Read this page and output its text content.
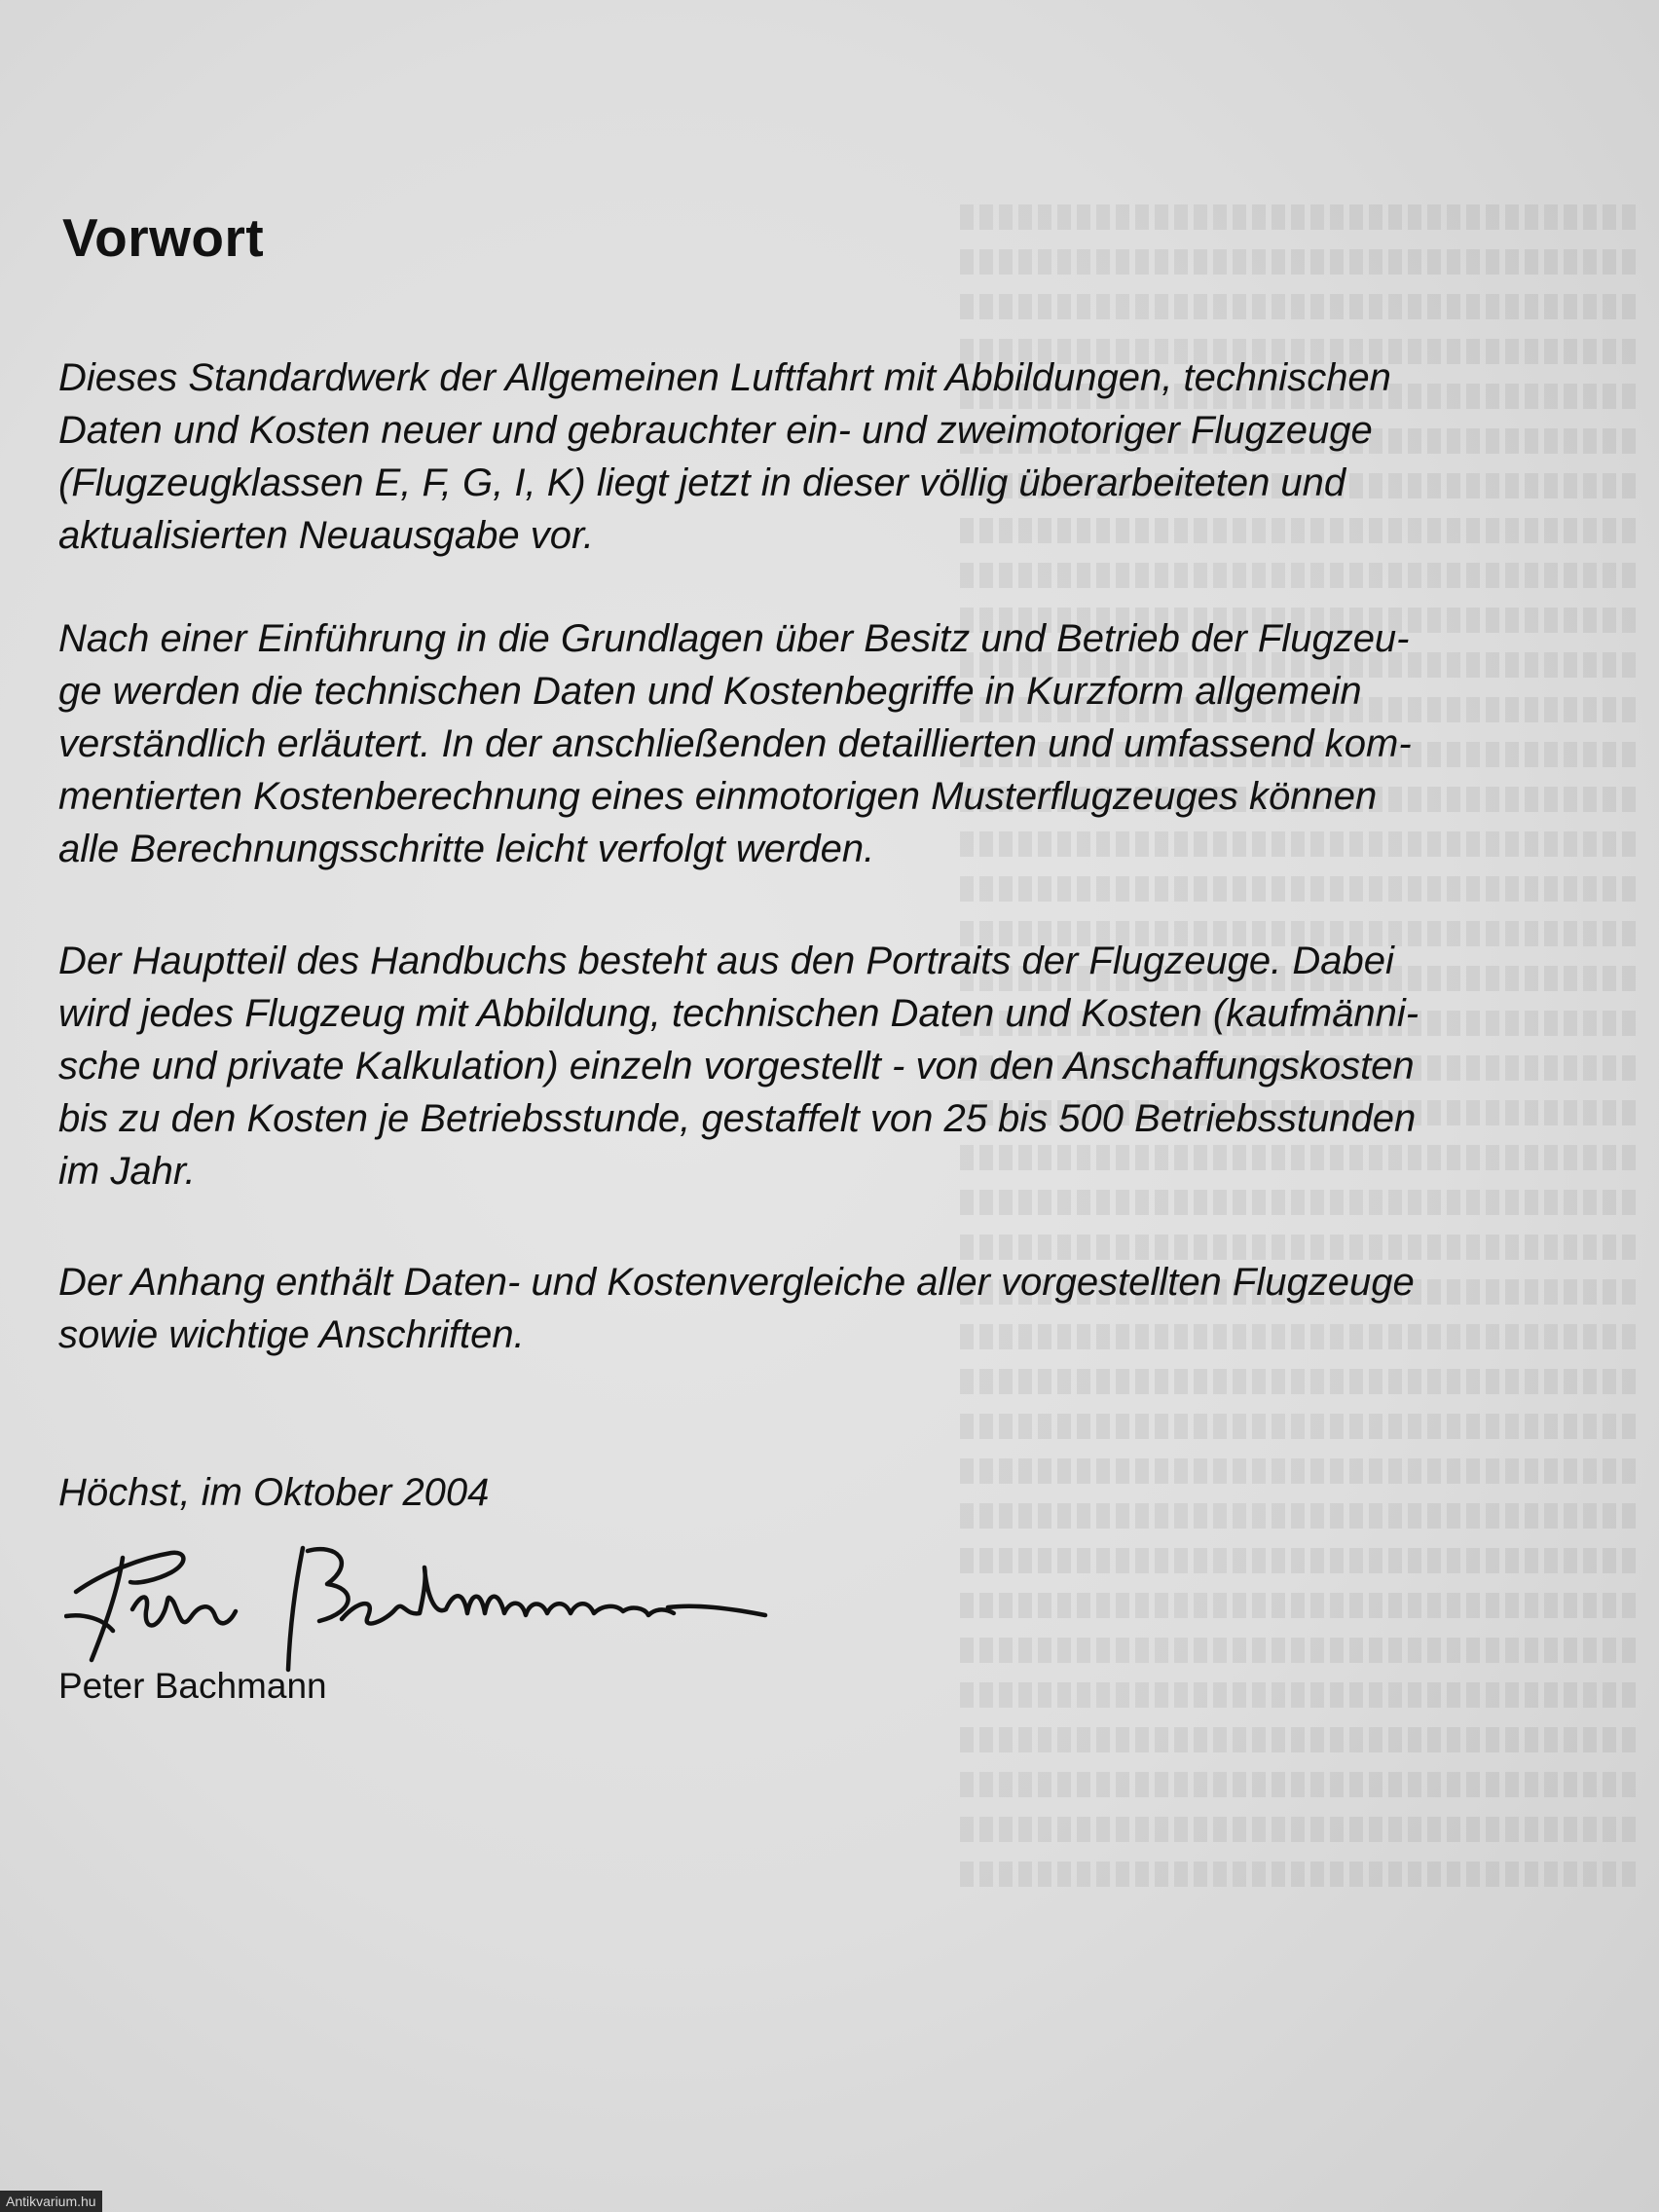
Vorwort

Dieses Standardwerk der Allgemeinen Luftfahrt mit Abbildungen, technischen
Daten und Kosten neuer und gebrauchter ein- und zweimotoriger Flugzeuge
(Flugzeugklassen E, F, G, I, K) liegt jetzt in dieser völlig überarbeiteten und
aktualisierten Neuausgabe vor.

Nach einer Einführung in die Grundlagen über Besitz und Betrieb der Flugzeu-
ge werden die technischen Daten und Kostenbegriffe in Kurzform allgemein
verständlich erläutert. In der anschließenden detaillierten und umfassend kom-
mentierten Kostenberechnung eines einmotorigen Musterflugzeuges können
alle Berechnungsschritte leicht verfolgt werden.

Der Hauptteil des Handbuchs besteht aus den Portraits der Flugzeuge. Dabei
wird jedes Flugzeug mit Abbildung, technischen Daten und Kosten (kaufmänni-
sche und private Kalkulation) einzeln vorgestellt - von den Anschaffungskosten
bis zu den Kosten je Betriebsstunde, gestaffelt von 25 bis 500 Betriebsstunden
im Jahr.

Der Anhang enthält Daten- und Kostenvergleiche aller vorgestellten Flugzeuge
sowie wichtige Anschriften.

Höchst, im Oktober 2004

Peter Bachmann

Antikvarium.hu
